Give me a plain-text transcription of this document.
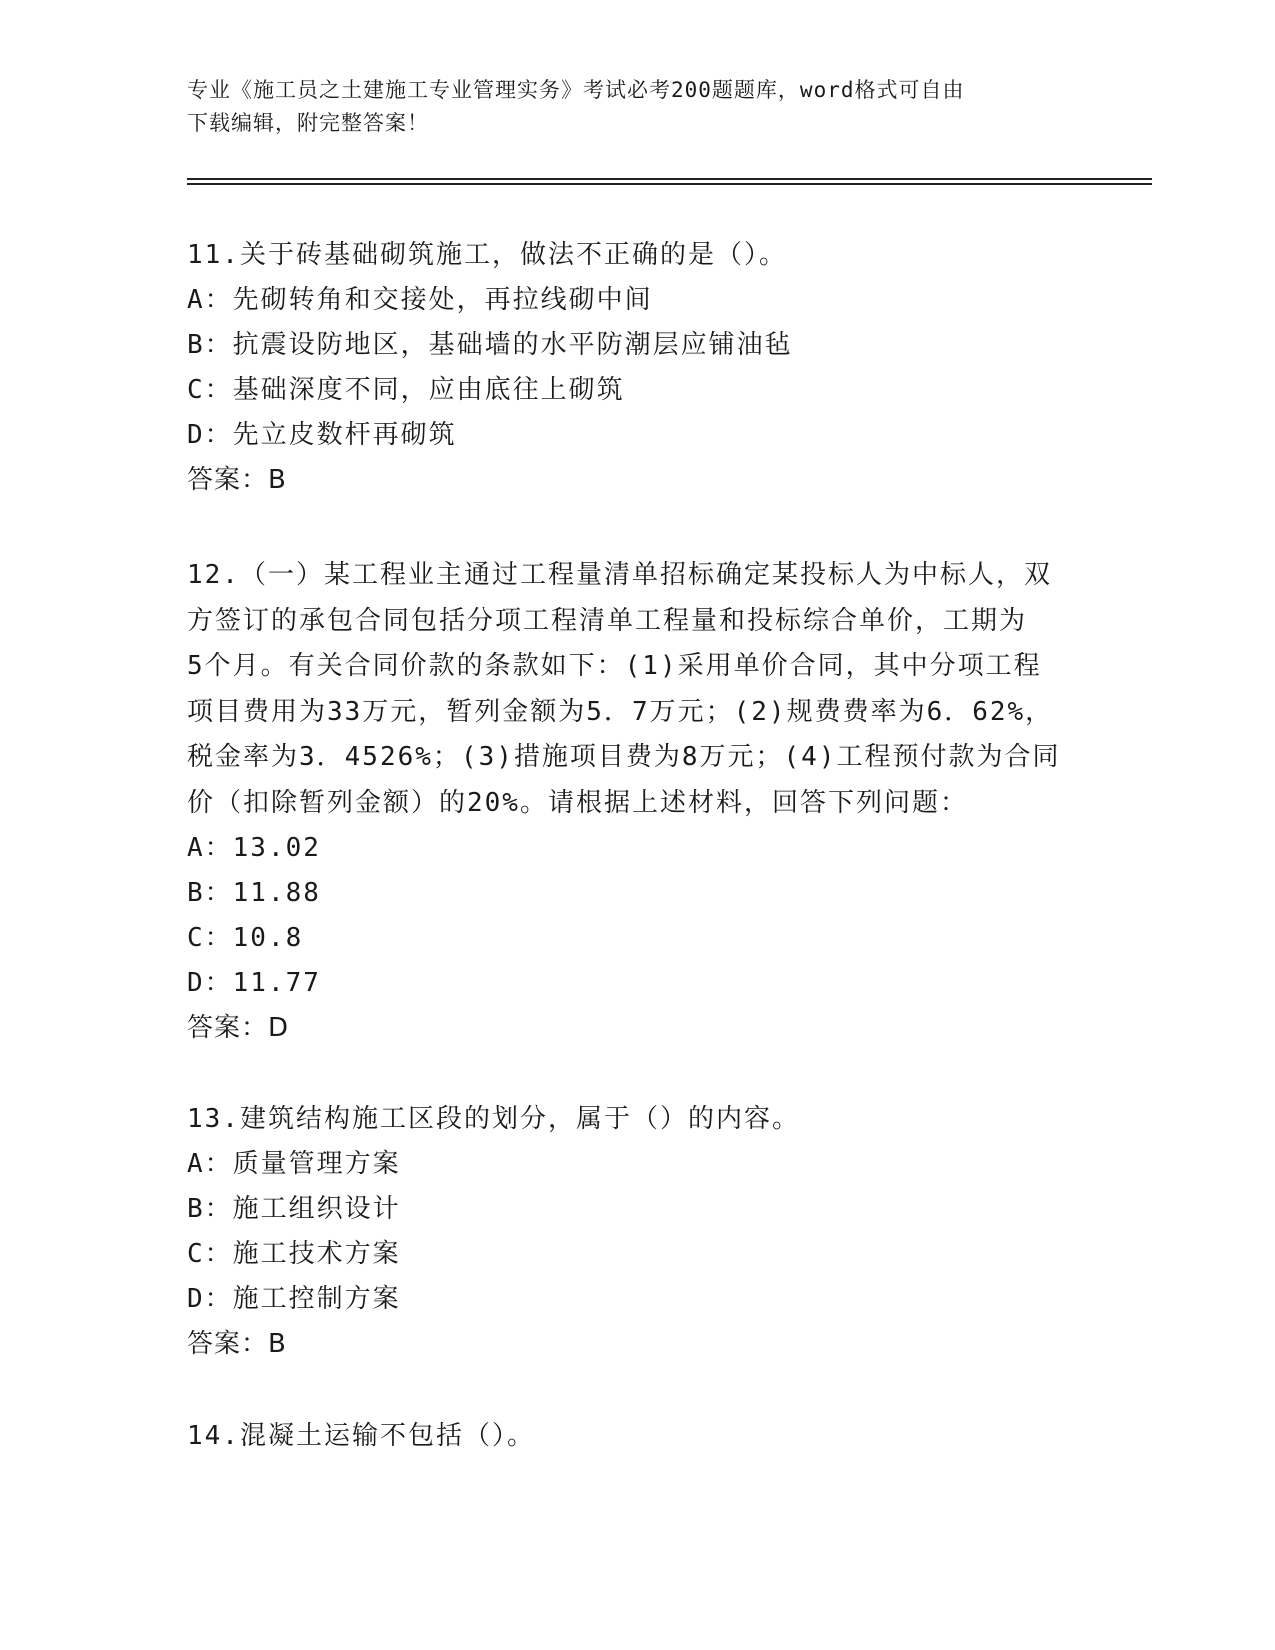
专业《施工员之土建施工专业管理实务》考试必考200题题库，word格式可自由
下载编辑，附完整答案！
11.关于砖基础砌筑施工，做法不正确的是（）。
A：先砌转角和交接处，再拉线砌中间
B：抗震设防地区，基础墙的水平防潮层应铺油毡
C：基础深度不同，应由底往上砌筑
D：先立皮数杆再砌筑
答案：B
12.（一）某工程业主通过工程量清单招标确定某投标人为中标人，双
方签订的承包合同包括分项工程清单工程量和投标综合单价，工期为
5个月。有关合同价款的条款如下：(1)采用单价合同，其中分项工程
项目费用为33万元，暂列金额为5．7万元；(2)规费费率为6．62%，
税金率为3．4526%；(3)措施项目费为8万元；(4)工程预付款为合同
价（扣除暂列金额）的20%。请根据上述材料，回答下列问题：
A：13.02
B：11.88
C：10.8
D：11.77
答案：D
13.建筑结构施工区段的划分，属于（）的内容。
A：质量管理方案
B：施工组织设计
C：施工技术方案
D：施工控制方案
答案：B
14.混凝土运输不包括（）。
